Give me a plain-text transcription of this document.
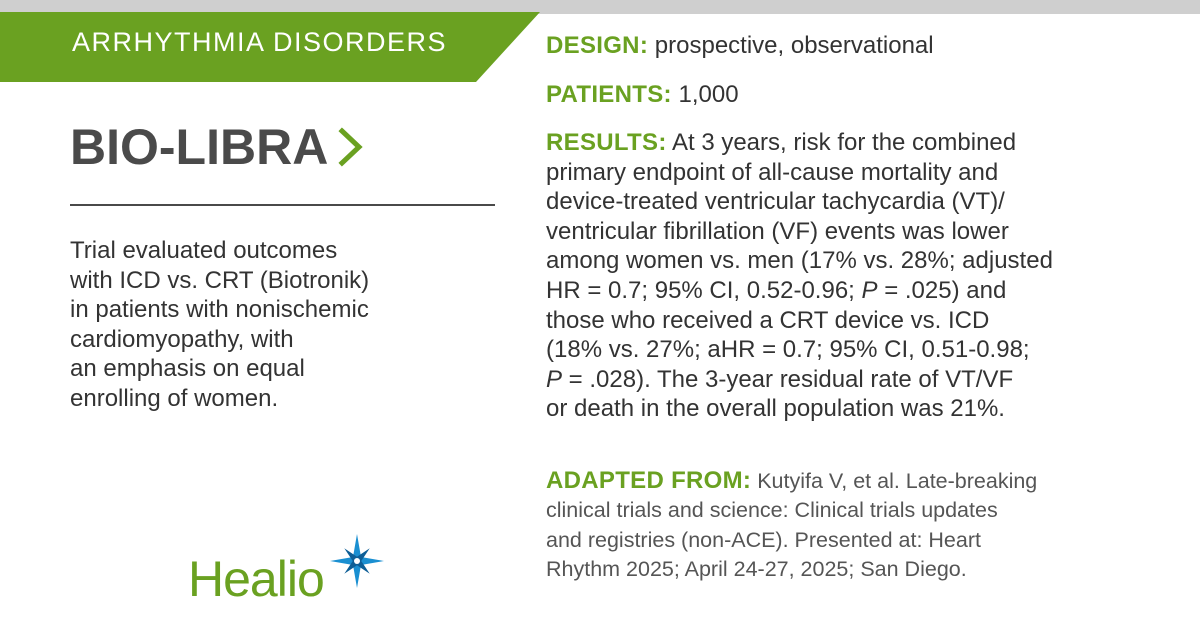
ARRHYTHMIA DISORDERS
BIO-LIBRA
Trial evaluated outcomes
with ICD vs. CRT (Biotronik)
in patients with nonischemic
cardiomyopathy, with
an emphasis on equal
enrolling of women.
Healio
DESIGN: prospective, observational
PATIENTS: 1,000
RESULTS: At 3 years, risk for the combined
primary endpoint of all-cause mortality and
device-treated ventricular tachycardia (VT)/
ventricular fibrillation (VF) events was lower
among women vs. men (17% vs. 28%; adjusted
HR = 0.7; 95% CI, 0.52-0.96; P = .025) and
those who received a CRT device vs. ICD
(18% vs. 27%; aHR = 0.7; 95% CI, 0.51-0.98;
P = .028). The 3-year residual rate of VT/VF
or death in the overall population was 21%.
ADAPTED FROM: Kutyifa V, et al. Late-breaking
clinical trials and science: Clinical trials updates
and registries (non-ACE). Presented at: Heart
Rhythm 2025; April 24-27, 2025; San Diego.
